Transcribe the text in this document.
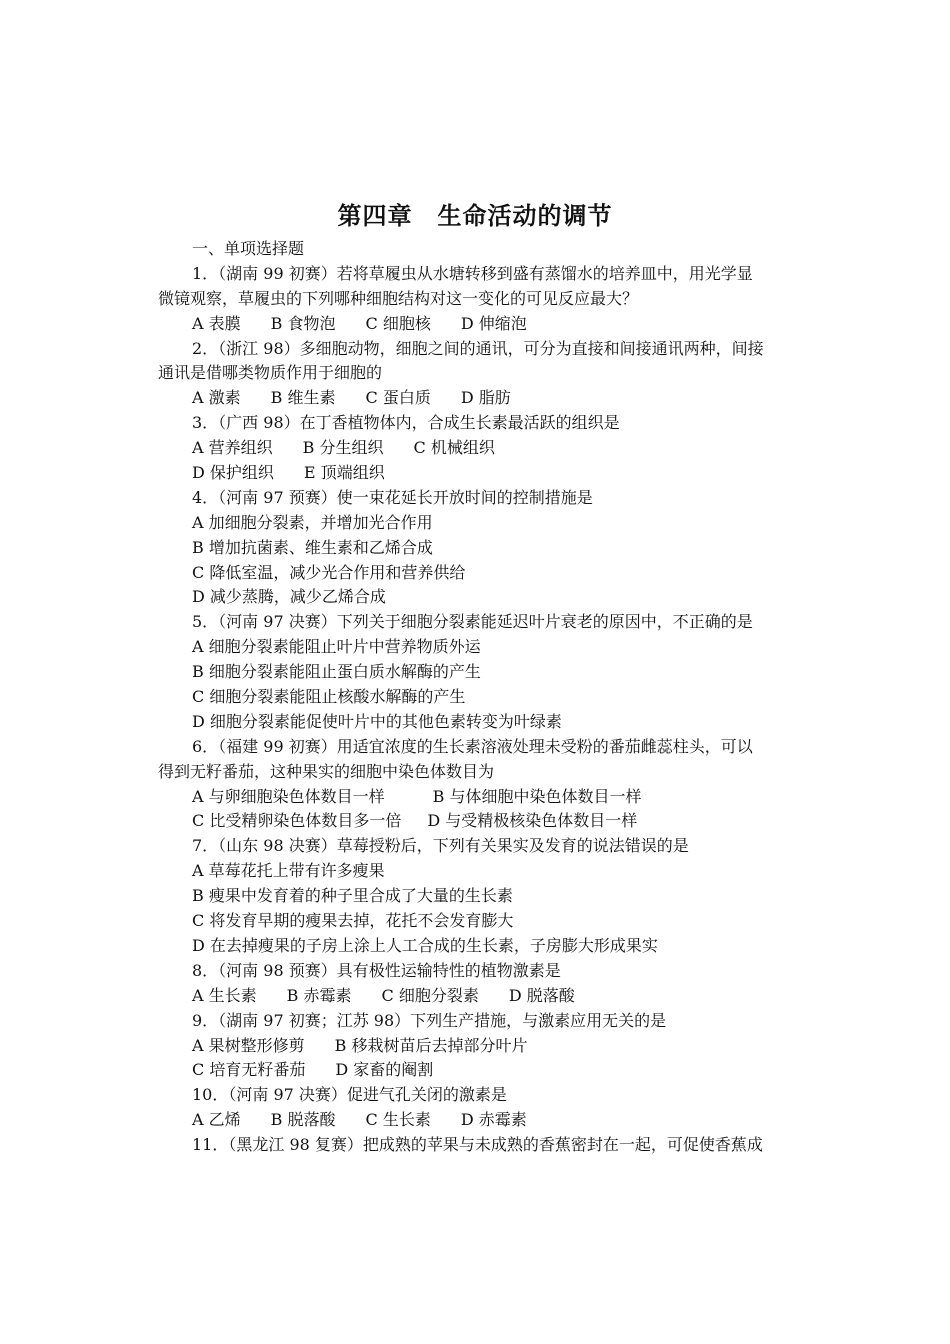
第四章　生命活动的调节
一、单项选择题
1．（湖南 99 初赛）若将草履虫从水塘转移到盛有蒸馏水的培养皿中，用光学显
微镜观察，草履虫的下列哪种细胞结构对这一变化的可见反应最大？
A 表膜 B 食物泡 C 细胞核 D 伸缩泡
2．（浙江 98）多细胞动物，细胞之间的通讯，可分为直接和间接通讯两种，间接
通讯是借哪类物质作用于细胞的
A 激素 B 维生素 C 蛋白质 D 脂肪
3．（广西 98）在丁香植物体内，合成生长素最活跃的组织是
A 营养组织 B 分生组织 C 机械组织
D 保护组织 E 顶端组织
4．（河南 97 预赛）使一束花延长开放时间的控制措施是
A 加细胞分裂素，并增加光合作用
B 增加抗菌素、维生素和乙烯合成
C 降低室温，减少光合作用和营养供给
D 减少蒸腾，减少乙烯合成
5．（河南 97 决赛）下列关于细胞分裂素能延迟叶片衰老的原因中，不正确的是
A 细胞分裂素能阻止叶片中营养物质外运
B 细胞分裂素能阻止蛋白质水解酶的产生
C 细胞分裂素能阻止核酸水解酶的产生
D 细胞分裂素能促使叶片中的其他色素转变为叶绿素
6．（福建 99 初赛）用适宜浓度的生长素溶液处理未受粉的番茄雌蕊柱头，可以
得到无籽番茄，这种果实的细胞中染色体数目为
A 与卵细胞染色体数目一样	B 与体细胞中染色体数目一样
C 比受精卵染色体数目多一倍 D 与受精极核染色体数目一样
7．（山东 98 决赛）草莓授粉后，下列有关果实及发育的说法错误的是
A 草莓花托上带有许多瘦果
B 瘦果中发育着的种子里合成了大量的生长素
C 将发育早期的瘦果去掉，花托不会发育膨大
D 在去掉瘦果的子房上涂上人工合成的生长素，子房膨大形成果实
8．（河南 98 预赛）具有极性运输特性的植物激素是
A 生长素 B 赤霉素 C 细胞分裂素 D 脱落酸
9．（湖南 97 初赛；江苏 98）下列生产措施，与激素应用无关的是
A 果树整形修剪 B 移栽树苗后去掉部分叶片
C 培育无籽番茄 D 家畜的阉割
10．（河南 97 决赛）促进气孔关闭的激素是
A 乙烯 B 脱落酸 C 生长素 D 赤霉素
11．（黑龙江 98 复赛）把成熟的苹果与未成熟的香蕉密封在一起，可促使香蕉成
